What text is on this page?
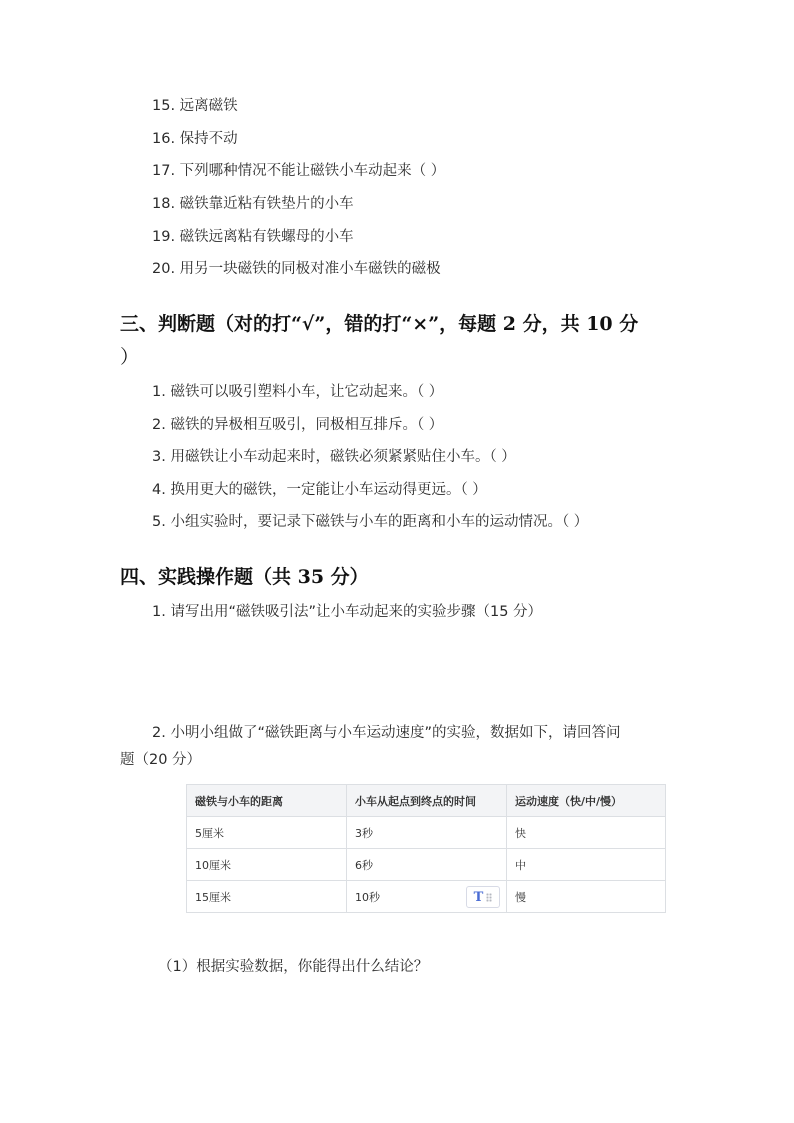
15. 远离磁铁
16. 保持不动
17. 下列哪种情况不能让磁铁小车动起来（ ）
18. 磁铁靠近粘有铁垫片的小车
19. 磁铁远离粘有铁螺母的小车
20. 用另一块磁铁的同极对准小车磁铁的磁极
三、判断题（对的打“√”，错的打“×”，每题 2 分，共 10 分
）
1. 磁铁可以吸引塑料小车，让它动起来。（ ）
2. 磁铁的异极相互吸引，同极相互排斥。（ ）
3. 用磁铁让小车动起来时，磁铁必须紧紧贴住小车。（ ）
4. 换用更大的磁铁，一定能让小车运动得更远。（ ）
5. 小组实验时，要记录下磁铁与小车的距离和小车的运动情况。（ ）
四、实践操作题（共 35 分）
1. 请写出用“磁铁吸引法”让小车动起来的实验步骤（15 分）
2. 小明小组做了“磁铁距离与小车运动速度”的实验，数据如下，请回答问
题（20 分）
磁铁与小车的距离	小车从起点到终点的时间	运动速度（快/中/慢）
5厘米	3秒	快
10厘米	6秒	中
15厘米	10秒 T	慢
（1）根据实验数据，你能得出什么结论？
